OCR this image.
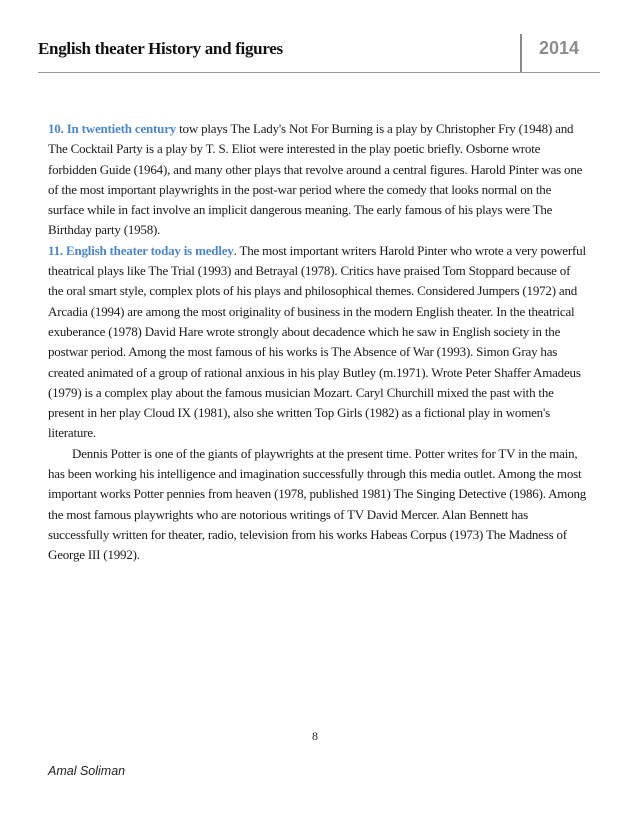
English theater History and figures	2014

10. In twentieth century tow plays The Lady's Not For Burning is a play by Christopher Fry (1948) and The Cocktail Party is a play by T. S. Eliot were interested in the play poetic briefly. Osborne wrote forbidden Guide (1964), and many other plays that revolve around a central figures. Harold Pinter was one of the most important playwrights in the post-war period where the comedy that looks normal on the surface while in fact involve an implicit dangerous meaning. The early famous of his plays were The Birthday party (1958).

11. English theater today is medley. The most important writers Harold Pinter who wrote a very powerful theatrical plays like The Trial (1993) and Betrayal (1978). Critics have praised Tom Stoppard because of the oral smart style, complex plots of his plays and philosophical themes. Considered Jumpers (1972) and Arcadia (1994) are among the most originality of business in the modern English theater. In the theatrical exuberance (1978) David Hare wrote strongly about decadence which he saw in English society in the postwar period. Among the most famous of his works is The Absence of War (1993). Simon Gray has created animated of a group of rational anxious in his play Butley (m.1971). Wrote Peter Shaffer Amadeus (1979) is a complex play about the famous musician Mozart. Caryl Churchill mixed the past with the present in her play Cloud IX (1981), also she written Top Girls (1982) as a fictional play in women's literature.

Dennis Potter is one of the giants of playwrights at the present time. Potter writes for TV in the main, has been working his intelligence and imagination successfully through this media outlet. Among the most important works Potter pennies from heaven (1978, published 1981) The Singing Detective (1986). Among the most famous playwrights who are notorious writings of TV David Mercer. Alan Bennett has successfully written for theater, radio, television from his works Habeas Corpus (1973) The Madness of George III (1992).

8
Amal Soliman
